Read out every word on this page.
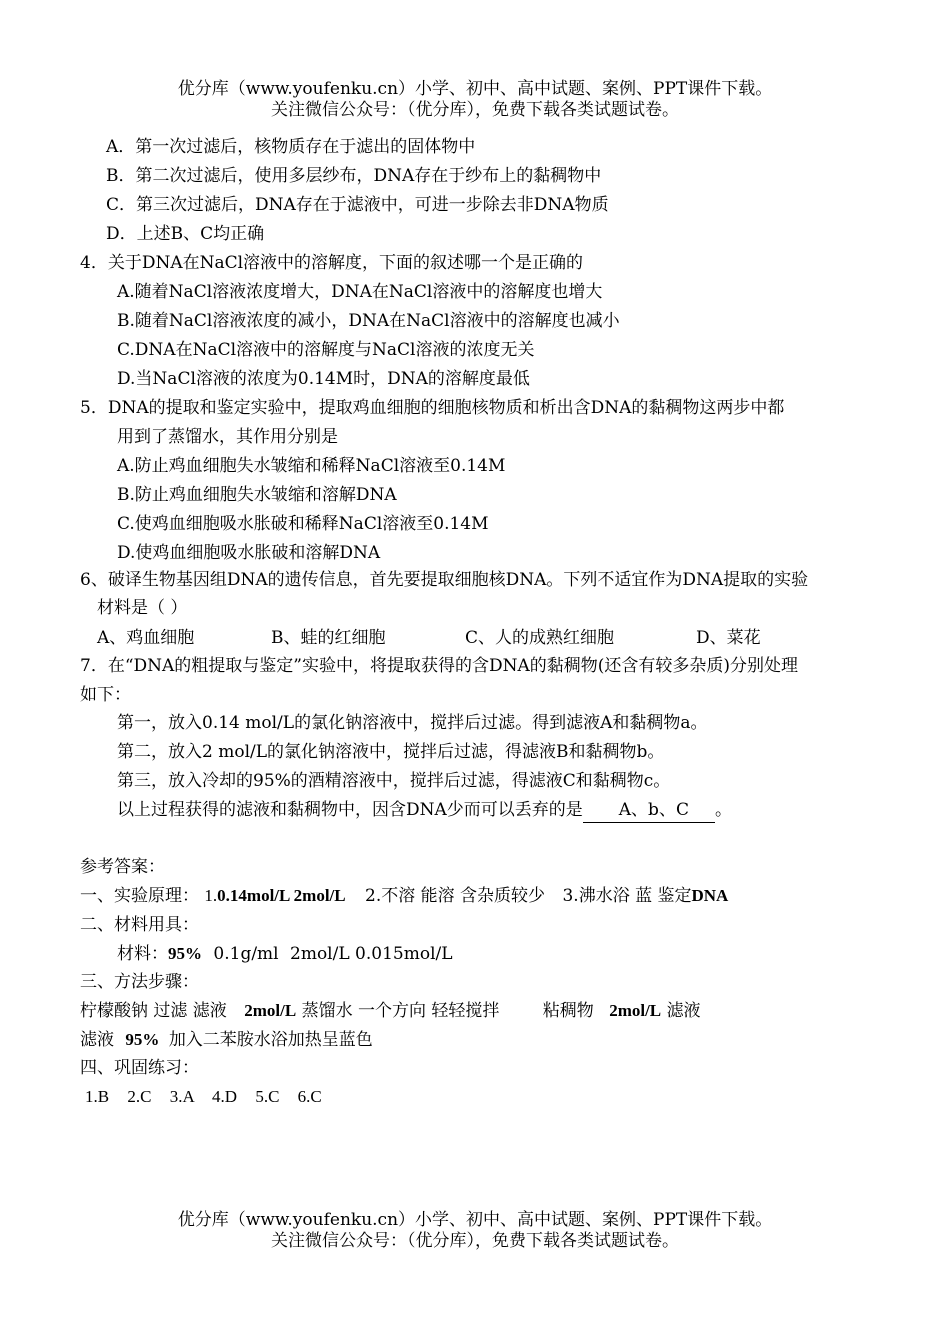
优分库（www.youfenku.cn）小学、初中、高中试题、案例、PPT课件下载。
关注微信公众号：（优分库），免费下载各类试题试卷。
A．第一次过滤后，核物质存在于滤出的固体物中
B．第二次过滤后，使用多层纱布，DNA存在于纱布上的黏稠物中
C．第三次过滤后，DNA存在于滤液中，可进一步除去非DNA物质
D．上述B、C均正确
4．关于DNA在NaCl溶液中的溶解度，下面的叙述哪一个是正确的
A.随着NaCl溶液浓度增大，DNA在NaCl溶液中的溶解度也增大
B.随着NaCl溶液浓度的减小，DNA在NaCl溶液中的溶解度也减小
C.DNA在NaCl溶液中的溶解度与NaCl溶液的浓度无关
D.当NaCl溶液的浓度为0.14M时，DNA的溶解度最低
5．DNA的提取和鉴定实验中，提取鸡血细胞的细胞核物质和析出含DNA的黏稠物这两步中都
用到了蒸馏水，其作用分别是
A.防止鸡血细胞失水皱缩和稀释NaCl溶液至0.14M
B.防止鸡血细胞失水皱缩和溶解DNA
C.使鸡血细胞吸水胀破和稀释NaCl溶液至0.14M
D.使鸡血细胞吸水胀破和溶解DNA
6、破译生物基因组DNA的遗传信息，首先要提取细胞核DNA。下列不适宜作为DNA提取的实验
材料是（ ）
A、鸡血细胞	B、蛙的红细胞	C、人的成熟红细胞	D、菜花
7．在“DNA的粗提取与鉴定”实验中，将提取获得的含DNA的黏稠物(还含有较多杂质)分别处理
如下：
第一，放入0.14 mol/L的氯化钠溶液中，搅拌后过滤。得到滤液A和黏稠物a。
第二，放入2 mol/L的氯化钠溶液中，搅拌后过滤，得滤液B和黏稠物b。
第三，放入冷却的95%的酒精溶液中，搅拌后过滤，得滤液C和黏稠物c。
以上过程获得的滤液和黏稠物中，因含DNA少而可以丢弃的是 A、b、C 。
参考答案：
一、实验原理： 1.0.14mol/L 2mol/L 2.不溶 能溶 含杂质较少 3.沸水浴 蓝 鉴定DNA
二、材料用具：
材料：95% 0.1g/ml 2mol/L 0.015mol/L
三、方法步骤：
柠檬酸钠 过滤 滤液 2mol/L 蒸馏水 一个方向 轻轻搅拌	粘稠物 2mol/L 滤液
滤液 95% 加入二苯胺水浴加热呈蓝色
四、巩固练习：
1.B 2.C 3.A 4.D 5.C 6.C
优分库（www.youfenku.cn）小学、初中、高中试题、案例、PPT课件下载。
关注微信公众号：（优分库），免费下载各类试题试卷。
